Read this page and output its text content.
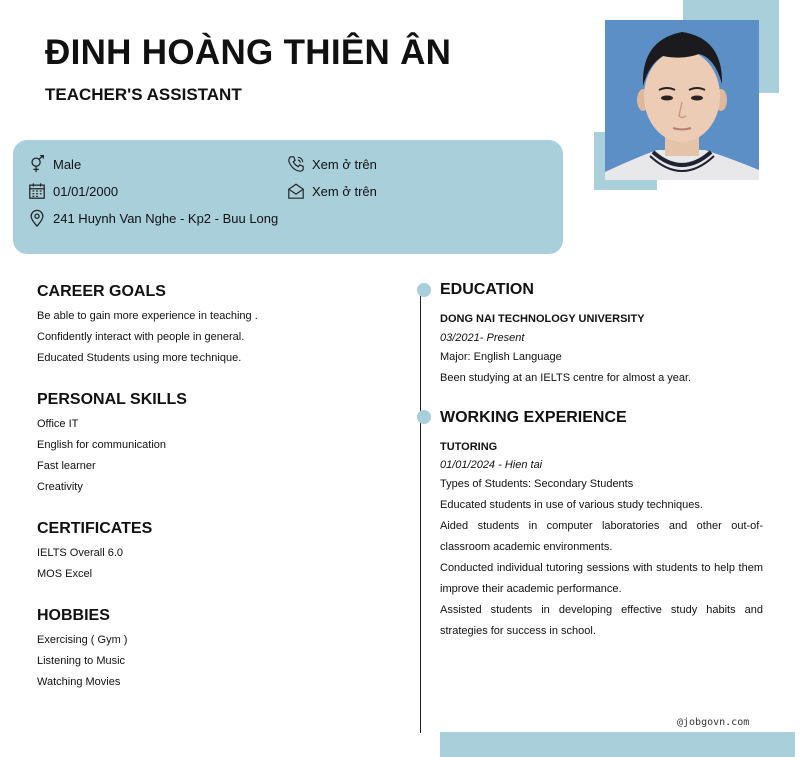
ĐINH HOÀNG THIÊN ÂN
TEACHER'S ASSISTANT
Male
01/01/2000
241 Huynh Van Nghe - Kp2 - Buu Long
Xem ở trên
Xem ở trên
CAREER GOALS
Be able to gain more experience in teaching .
Confidently interact with people in general.
Educated Students using more technique.
PERSONAL SKILLS
Office IT
English for communication
Fast learner
Creativity
CERTIFICATES
IELTS Overall 6.0
MOS Excel
HOBBIES
Exercising ( Gym )
Listening to Music
Watching Movies
EDUCATION
DONG NAI TECHNOLOGY UNIVERSITY
03/2021- Present
Major: English Language
Been studying at an IELTS centre for almost a year.
WORKING EXPERIENCE
TUTORING
01/01/2024 - Hien tai
Types of Students: Secondary Students
Educated students in use of various study techniques.
Aided students in computer laboratories and other out-of-classroom academic environments.
Conducted individual tutoring sessions with students to help them improve their academic performance.
Assisted students in developing effective study habits and strategies for success in school.
@jobgovn.com
